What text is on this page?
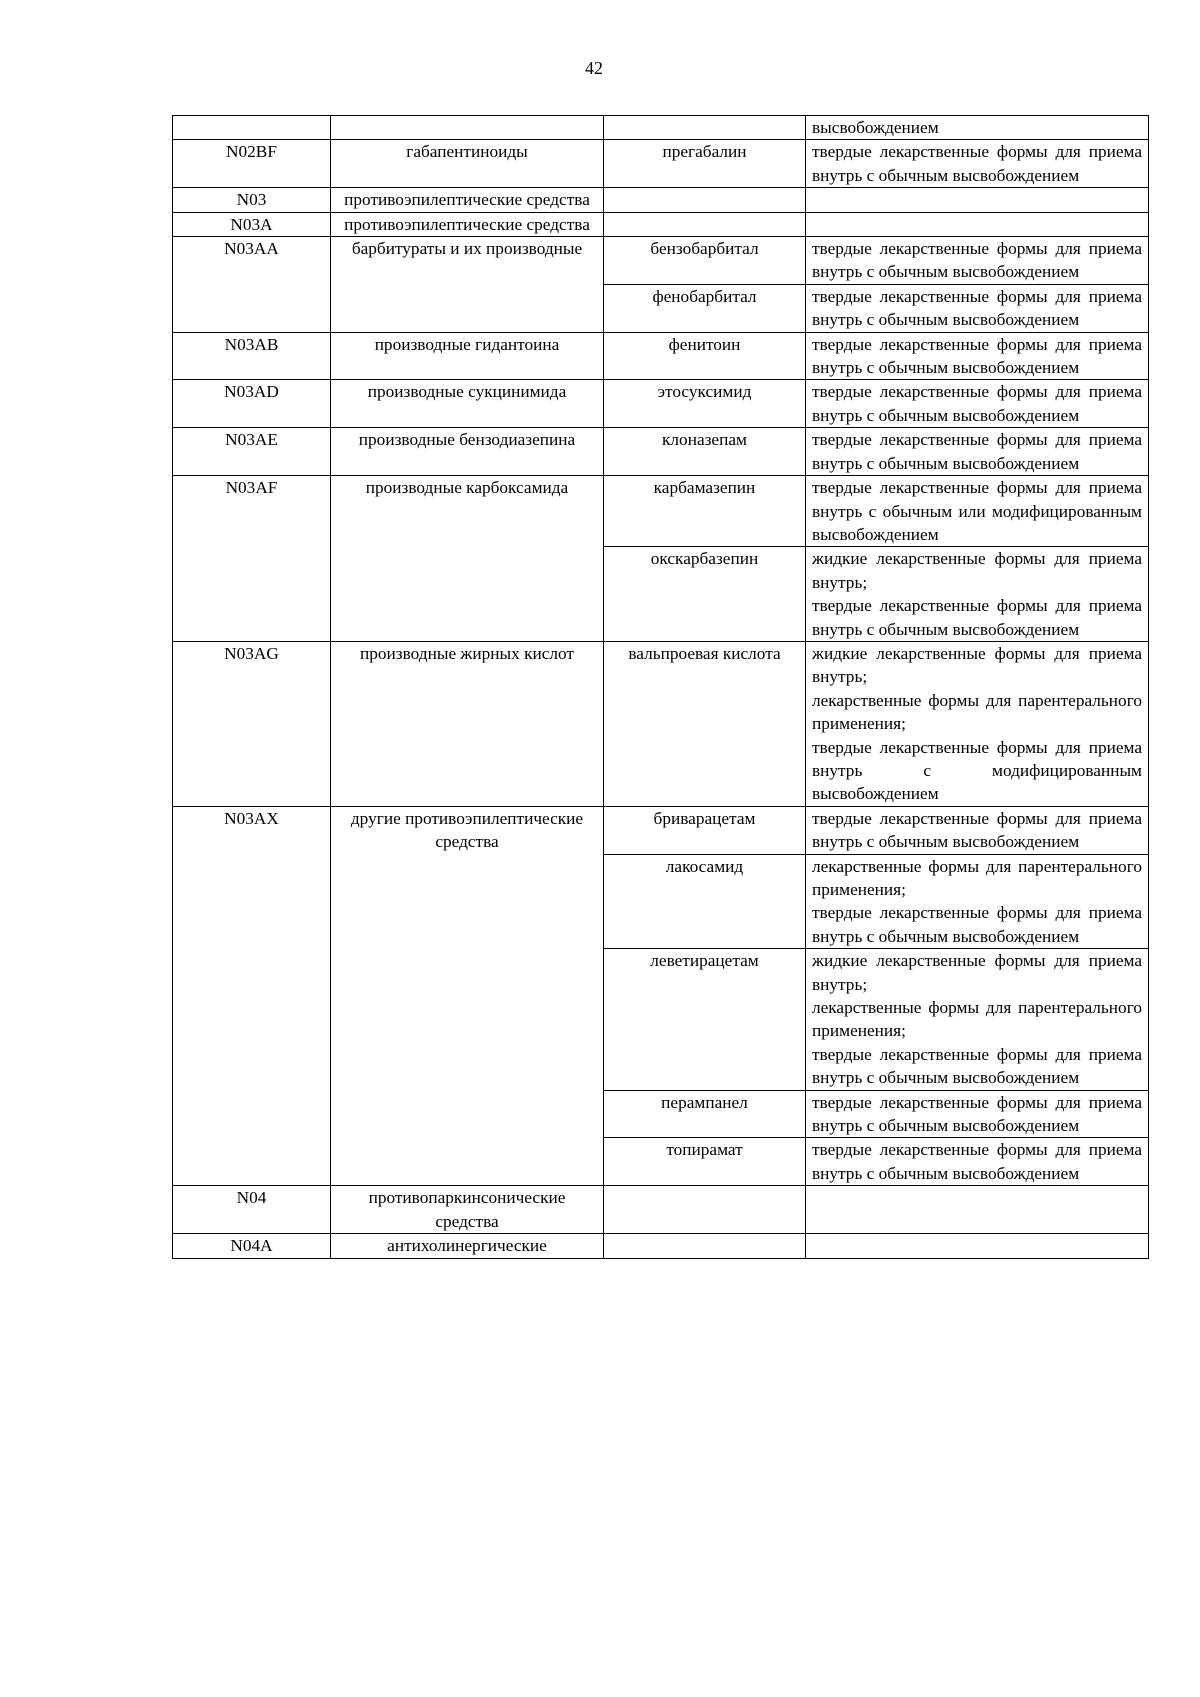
42

			высвобождением

N02BF	габапентиноиды	прегабалин	твердые лекарственные формы для приема внутрь с обычным высвобождением

N03	противоэпилептические средства		
N03A	противоэпилептические средства		
N03AA	барбитураты и их производные	бензобарбитал	твердые лекарственные формы для приема внутрь с обычным высвобождением

		фенобарбитал	твердые лекарственные формы для приема внутрь с обычным высвобождением

N03AB	производные гидантоина	фенитоин	твердые лекарственные формы для приема внутрь с обычным высвобождением

N03AD	производные сукцинимида	этосуксимид	твердые лекарственные формы для приема внутрь с обычным высвобождением

N03AE	производные бензодиазепина	клоназепам	твердые лекарственные формы для приема внутрь с обычным высвобождением

N03AF	производные карбоксамида	карбамазепин	твердые лекарственные формы для приема внутрь с обычным или модифицированным высвобождением

		окскарбазепин	жидкие лекарственные формы для приема внутрь;
твердые лекарственные формы для приема внутрь с обычным высвобождением

N03AG	производные жирных кислот	вальпроевая кислота	жидкие лекарственные формы для приема внутрь;
лекарственные формы для парентерального применения;
твердые лекарственные формы для приема внутрь с модифицированным высвобождением

N03AX	другие противоэпилептические средства	бриварацетам	твердые лекарственные формы для приема внутрь с обычным высвобождением

		лакосамид	лекарственные формы для парентерального применения;
твердые лекарственные формы для приема внутрь с обычным высвобождением

		леветирацетам	жидкие лекарственные формы для приема внутрь;
лекарственные формы для парентерального применения;
твердые лекарственные формы для приема внутрь с обычным высвобождением

		перампанел	твердые лекарственные формы для приема внутрь с обычным высвобождением

		топирамат	твердые лекарственные формы для приема внутрь с обычным высвобождением

N04	противопаркинсонические средства		
N04A	антихолинергические		
